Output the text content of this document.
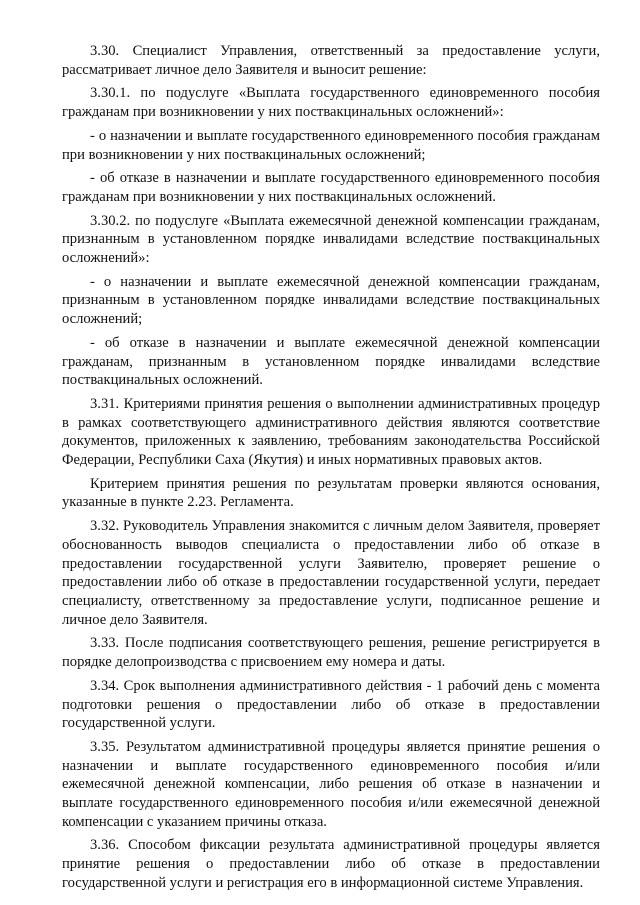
3.30. Специалист Управления, ответственный за предоставление услуги, рассматривает личное дело Заявителя и выносит решение:

3.30.1. по подуслуге «Выплата государственного единовременного пособия гражданам при возникновении у них поствакцинальных осложнений»:

- о назначении и выплате государственного единовременного пособия гражданам при возникновении у них поствакцинальных осложнений;

- об отказе в назначении и выплате государственного единовременного пособия гражданам при возникновении у них поствакцинальных осложнений.

3.30.2. по подуслуге «Выплата ежемесячной денежной компенсации гражданам, признанным в установленном порядке инвалидами вследствие поствакцинальных осложнений»:

- о назначении и выплате ежемесячной денежной компенсации гражданам, признанным в установленном порядке инвалидами вследствие поствакцинальных осложнений;

- об отказе в назначении и выплате ежемесячной денежной компенсации гражданам, признанным в установленном порядке инвалидами вследствие поствакцинальных осложнений.

3.31. Критериями принятия решения о выполнении административных процедур в рамках соответствующего административного действия являются соответствие документов, приложенных к заявлению, требованиям законодательства Российской Федерации, Республики Саха (Якутия) и иных нормативных правовых актов.

Критерием принятия решения по результатам проверки являются основания, указанные в пункте 2.23. Регламента.

3.32. Руководитель Управления знакомится с личным делом Заявителя, проверяет обоснованность выводов специалиста о предоставлении либо об отказе в предоставлении государственной услуги Заявителю, проверяет решение о предоставлении либо об отказе в предоставлении государственной услуги, передает специалисту, ответственному за предоставление услуги, подписанное решение и личное дело Заявителя.

3.33. После подписания соответствующего решения, решение регистрируется в порядке делопроизводства с присвоением ему номера и даты.

3.34. Срок выполнения административного действия - 1 рабочий день с момента подготовки решения о предоставлении либо об отказе в предоставлении государственной услуги.

3.35. Результатом административной процедуры является принятие решения о назначении и выплате государственного единовременного пособия и/или ежемесячной денежной компенсации, либо решения об отказе в назначении и выплате государственного единовременного пособия и/или ежемесячной денежной компенсации с указанием причины отказа.

3.36. Способом фиксации результата административной процедуры является принятие решения о предоставлении либо об отказе в предоставлении государственной услуги и регистрация его в информационной системе Управления.
